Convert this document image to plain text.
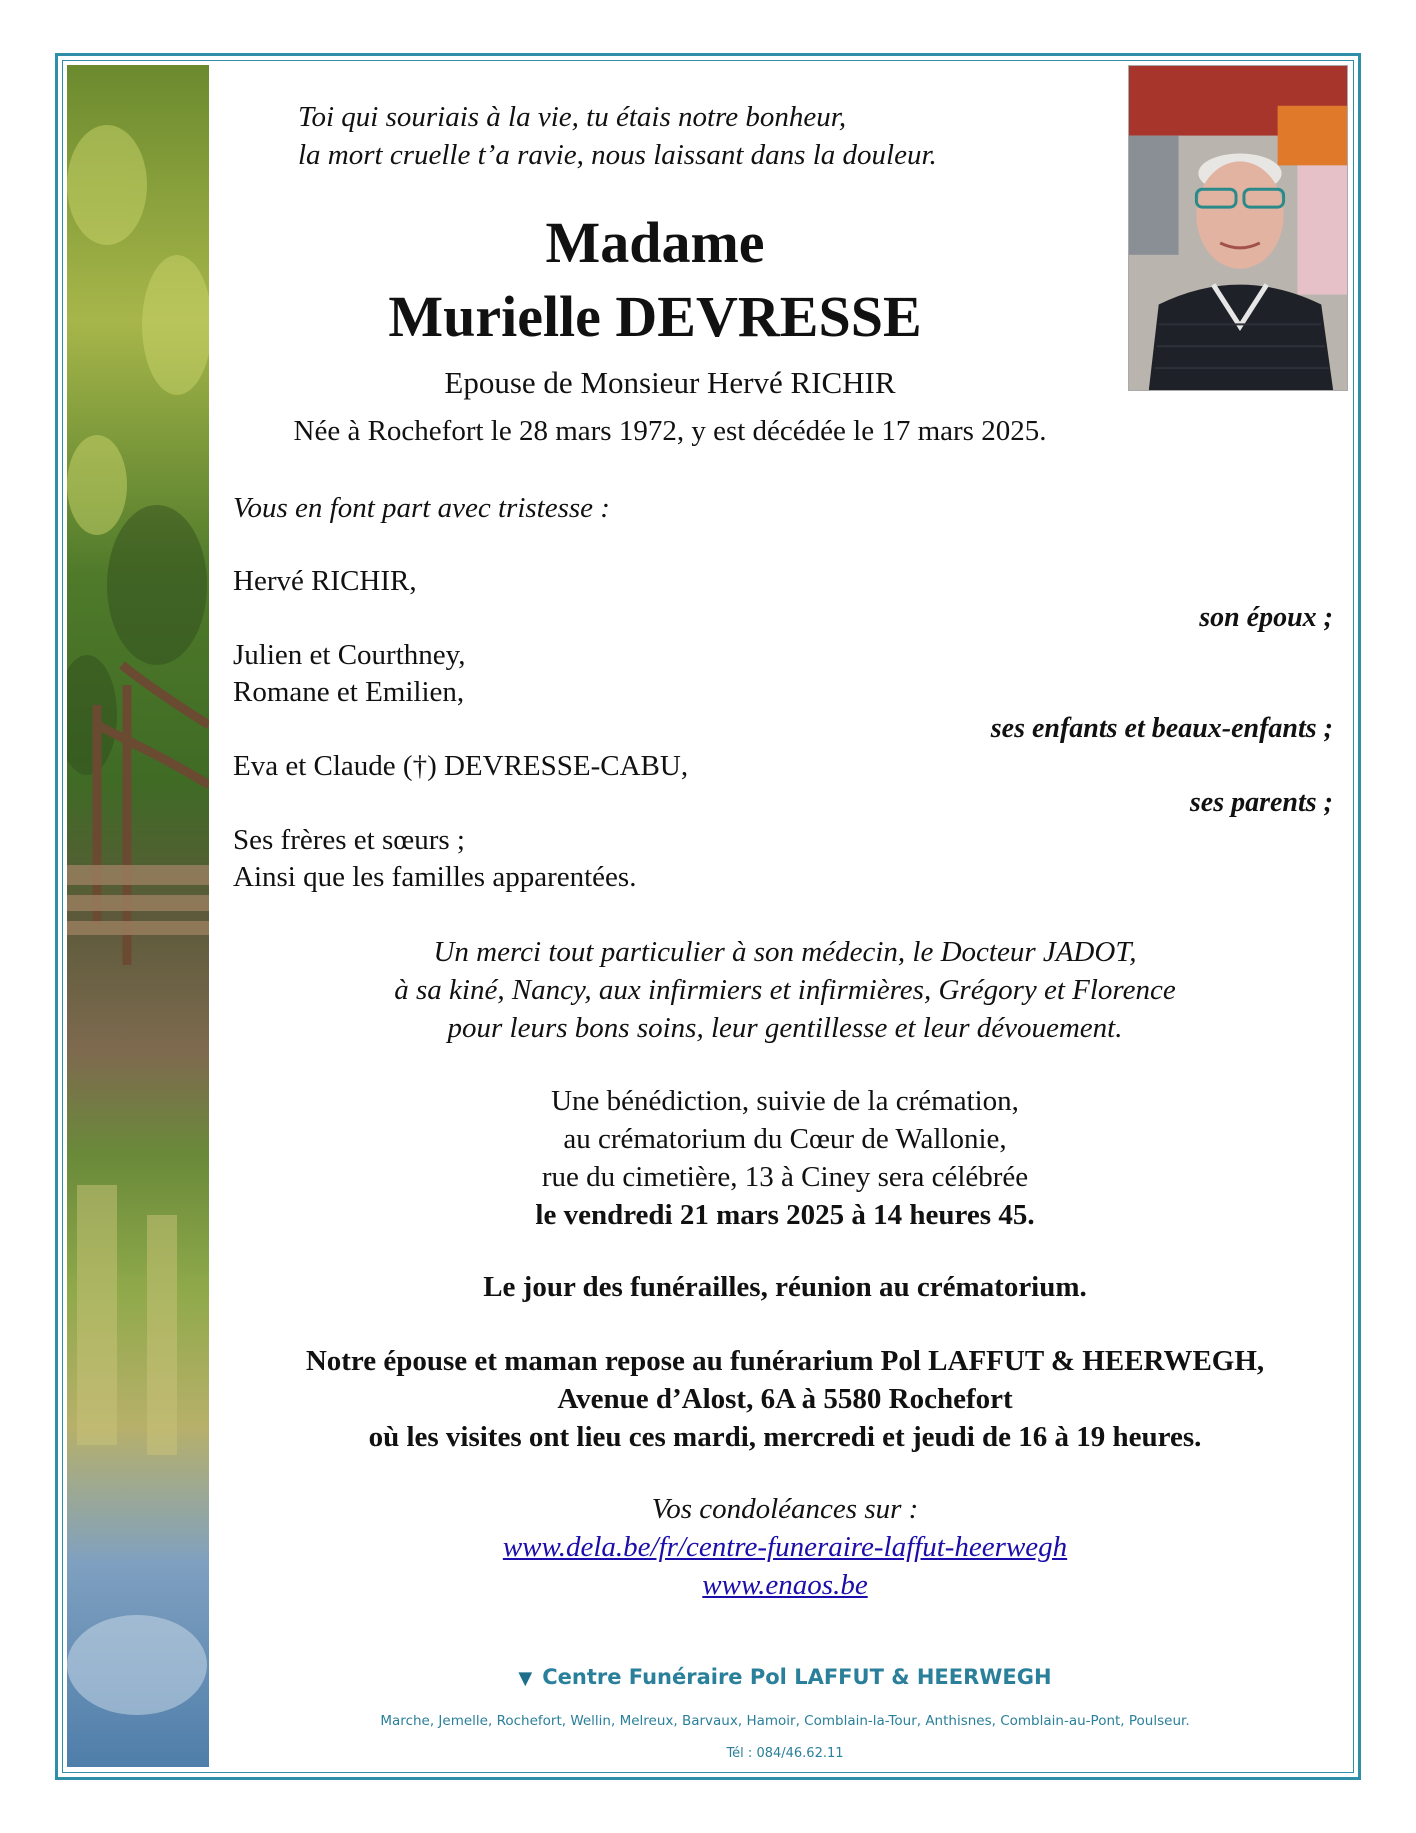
Toi qui souriais à la vie, tu étais notre bonheur,
la mort cruelle t’a ravie, nous laissant dans la douleur.

Madame

Murielle DEVRESSE

Epouse de Monsieur Hervé RICHIR

Née à Rochefort le 28 mars 1972, y est décédée le 17 mars 2025.

Vous en font part avec tristesse :

Hervé RICHIR,

son époux ;

Julien et Courthney,

Romane et Emilien,

ses enfants et beaux-enfants ;

Eva et Claude (†) DEVRESSE-CABU,

ses parents ;

Ses frères et sœurs ;

Ainsi que les familles apparentées.

Un merci tout particulier à son médecin, le Docteur JADOT,
à sa kiné, Nancy, aux infirmiers et infirmières, Grégory et Florence
pour leurs bons soins, leur gentillesse et leur dévouement.

Une bénédiction, suivie de la crémation,
au crématorium du Cœur de Wallonie,
rue du cimetière, 13 à Ciney sera célébrée
le vendredi 21 mars 2025 à 14 heures 45.

Le jour des funérailles, réunion au crématorium.

Notre épouse et maman repose au funérarium Pol LAFFUT & HEERWEGH,
Avenue d’Alost, 6A à 5580 Rochefort
où les visites ont lieu ces mardi, mercredi et jeudi de 16 à 19 heures.

Vos condoléances sur :
www.dela.be/fr/centre-funeraire-laffut-heerwegh
www.enaos.be

▼ Centre Funéraire Pol LAFFUT & HEERWEGH

Marche, Jemelle, Rochefort, Wellin, Melreux, Barvaux, Hamoir, Comblain-la-Tour, Anthisnes, Comblain-au-Pont, Poulseur.

Tél : 084/46.62.11
